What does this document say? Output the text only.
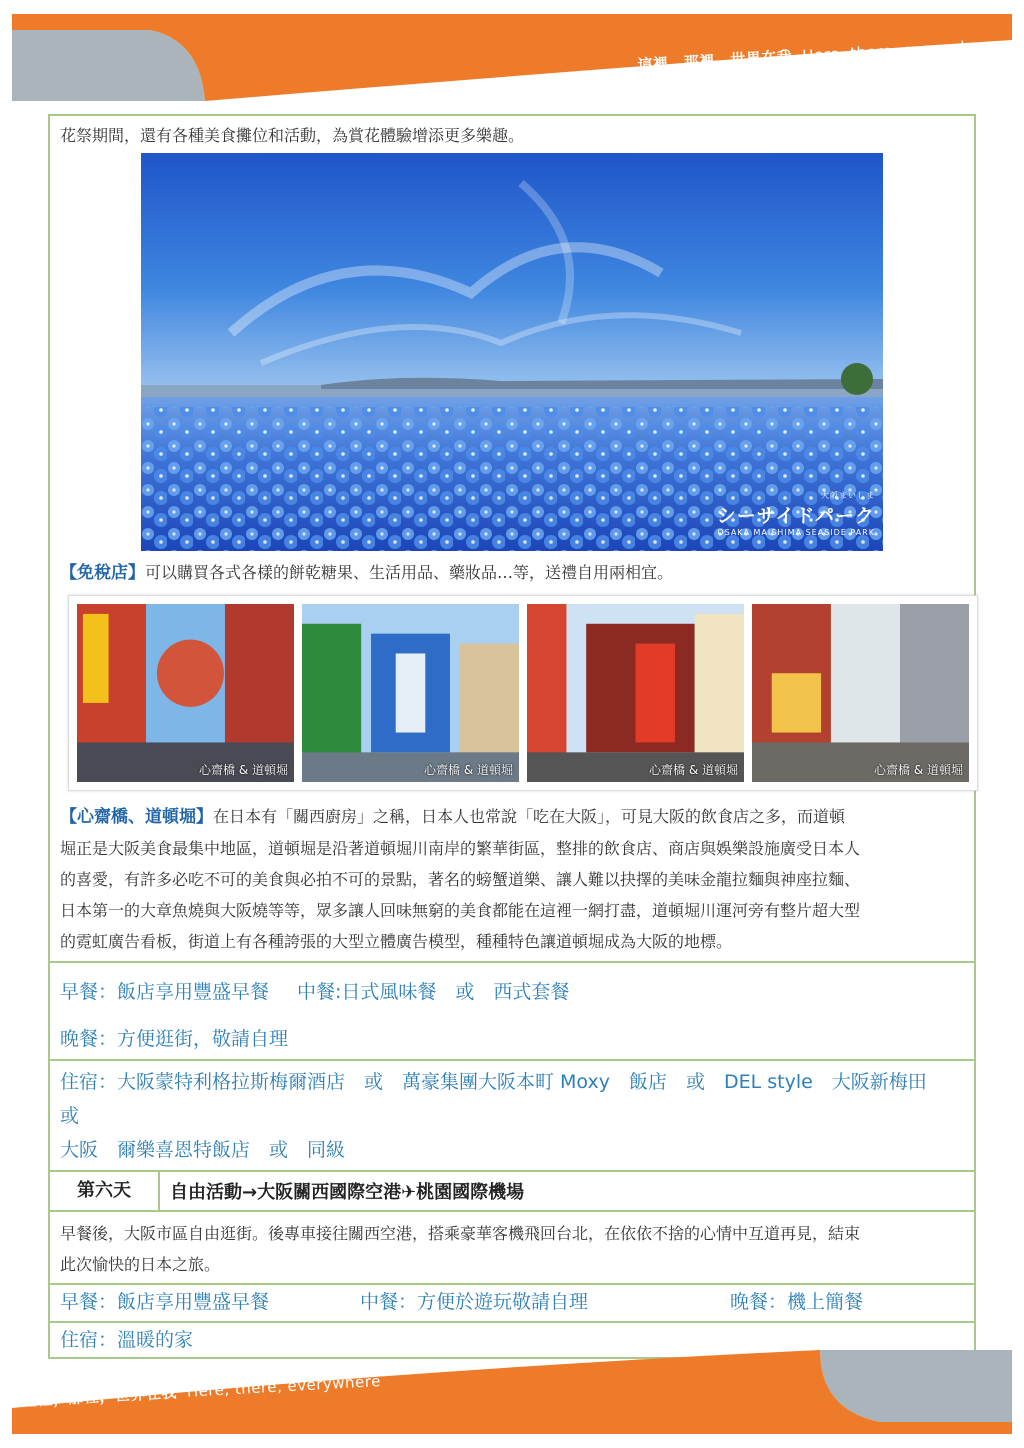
這裡，那裡，世界在我 Here, there, everywhere

花祭期間，還有各種美食攤位和活動，為賞花體驗增添更多樂趣。

大阪まいしま
シーサイドパーク
OSAKA MAISHIMA SEASIDE PARK

【免稅店】可以購買各式各樣的餅乾糖果、生活用品、藥妝品…等，送禮自用兩相宜。

心齋橋 & 道頓堀	心齋橋 & 道頓堀	心齋橋 & 道頓堀	心齋橋 & 道頓堀

【心齋橋、道頓堀】在日本有「關西廚房」之稱，日本人也常說「吃在大阪」，可見大阪的飲食店之多，而道頓
堀正是大阪美食最集中地區，道頓堀是沿著道頓堀川南岸的繁華街區，整排的飲食店、商店與娛樂設施廣受日本人
的喜愛，有許多必吃不可的美食與必拍不可的景點，著名的螃蟹道樂、讓人難以抉擇的美味金龍拉麵與神座拉麵、
日本第一的大章魚燒與大阪燒等等，眾多讓人回味無窮的美食都能在這裡一網打盡，道頓堀川運河旁有整片超大型
的霓虹廣告看板，街道上有各種誇張的大型立體廣告模型，種種特色讓道頓堀成為大阪的地標。

早餐：飯店享用豐盛早餐 中餐:日式風味餐　或　西式套餐

晚餐：方便逛街，敬請自理

住宿：大阪蒙特利格拉斯梅爾酒店　或　萬豪集團大阪本町 Moxy　飯店　或　DEL style　大阪新梅田　或

大阪　爾樂喜恩特飯店　或　同級

第六天	自由活動→大阪關西國際空港✈桃園國際機場

早餐後，大阪市區自由逛街。後專車接往關西空港，搭乘豪華客機飛回台北，在依依不捨的心情中互道再見，結束

此次愉快的日本之旅。

早餐：飯店享用豐盛早餐	中餐：方便於遊玩敬請自理	晚餐：機上簡餐

住宿：溫暖的家

這裡，那裡，世界在我 Here, there, everywhere
